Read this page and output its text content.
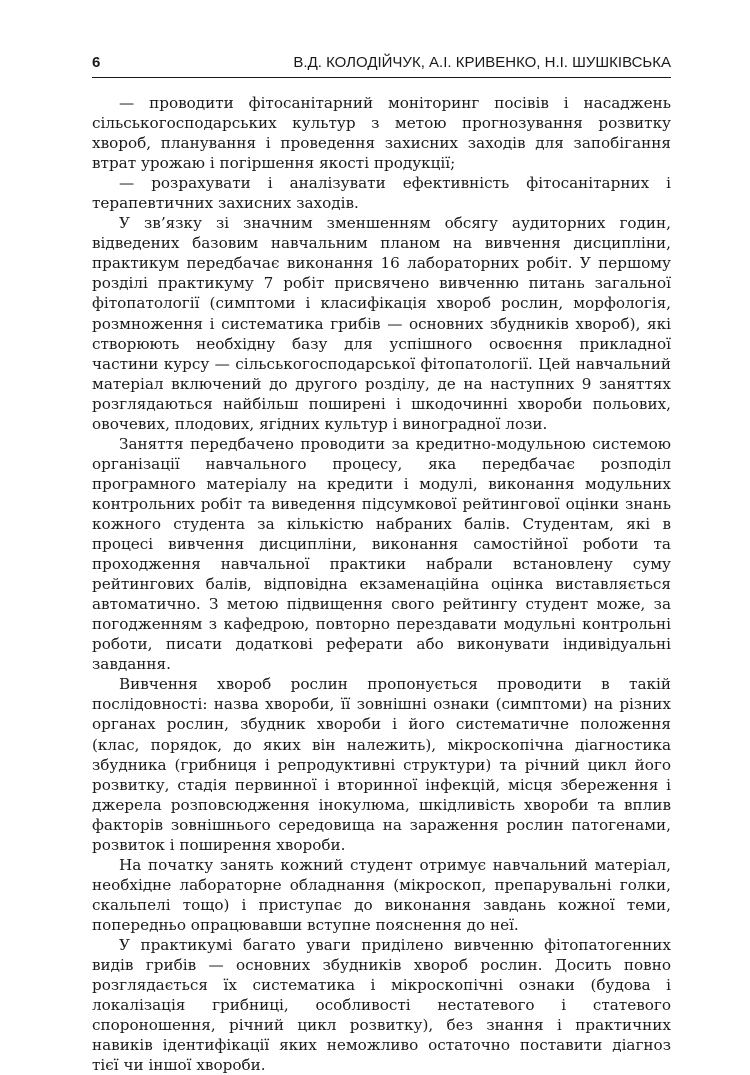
6	В.Д. КОЛОДІЙЧУК, А.І. КРИВЕНКО, Н.І. ШУШКІВСЬКА

— проводити фітосанітарний моніторинг посівів і насаджень сільськогосподарських культур з метою прогнозування розвитку хвороб, планування і проведення захисних заходів для запобігання втрат урожаю і погіршення якості продукції;

— розрахувати і аналізувати ефективність фітосанітарних і терапевтичних захисних заходів.

У зв’язку зі значним зменшенням обсягу аудиторних годин, відведених базовим навчальним планом на вивчення дисципліни, практикум передбачає виконання 16 лабораторних робіт. У першому розділі практикуму 7 робіт присвячено вивченню питань загальної фітопатології (симптоми і класифікація хвороб рослин, морфологія, розмноження і систематика грибів — основних збудників хвороб), які створюють необхідну базу для успішного освоєння прикладної частини курсу — сільськогосподарської фітопатології. Цей навчальний матеріал включений до другого розділу, де на наступних 9 заняттях розглядаються найбільш поширені і шкодочинні хвороби польових, овочевих, плодових, ягідних культур і виноградної лози.

Заняття передбачено проводити за кредитно-модульною системою організації навчального процесу, яка передбачає розподіл програмного матеріалу на кредити і модулі, виконання модульних контрольних робіт та виведення підсумкової рейтингової оцінки знань кожного студента за кількістю набраних балів. Студентам, які в процесі вивчення дисципліни, виконання самостійної роботи та проходження навчальної практики набрали встановлену суму рейтингових балів, відповідна екзаменаційна оцінка виставляється автоматично. З метою підвищення свого рейтингу студент може, за погодженням з кафедрою, повторно перездавати модульні контрольні роботи, писати додаткові реферати або виконувати індивідуальні завдання.

Вивчення хвороб рослин пропонується проводити в такій послідовності: назва хвороби, її зовнішні ознаки (симптоми) на різних органах рослин, збудник хвороби і його систематичне положення (клас, порядок, до яких він належить), мікроскопічна діагностика збудника (грибниця і репродуктивні структури) та річний цикл його розвитку, стадія первинної і вторинної інфекцій, місця збереження і джерела розповсюдження інокулюма, шкідливість хвороби та вплив факторів зовнішнього середовища на зараження рослин патогенами, розвиток і поширення хвороби.

На початку занять кожний студент отримує навчальний матеріал, необхідне лабораторне обладнання (мікроскоп, препарувальні голки, скальпелі тощо) і приступає до виконання завдань кожної теми, попередньо опрацювавши вступне пояснення до неї.

У практикумі багато уваги приділено вивченню фітопатогенних видів грибів — основних збудників хвороб рослин. Досить повно розглядається їх систематика і мікроскопічні ознаки (будова і локалізація грибниці, особливості нестатевого і статевого спороношення, річний цикл розвитку), без знання і практичних навиків ідентифікації яких неможливо остаточно поставити діагноз тієї чи іншої хвороби.
